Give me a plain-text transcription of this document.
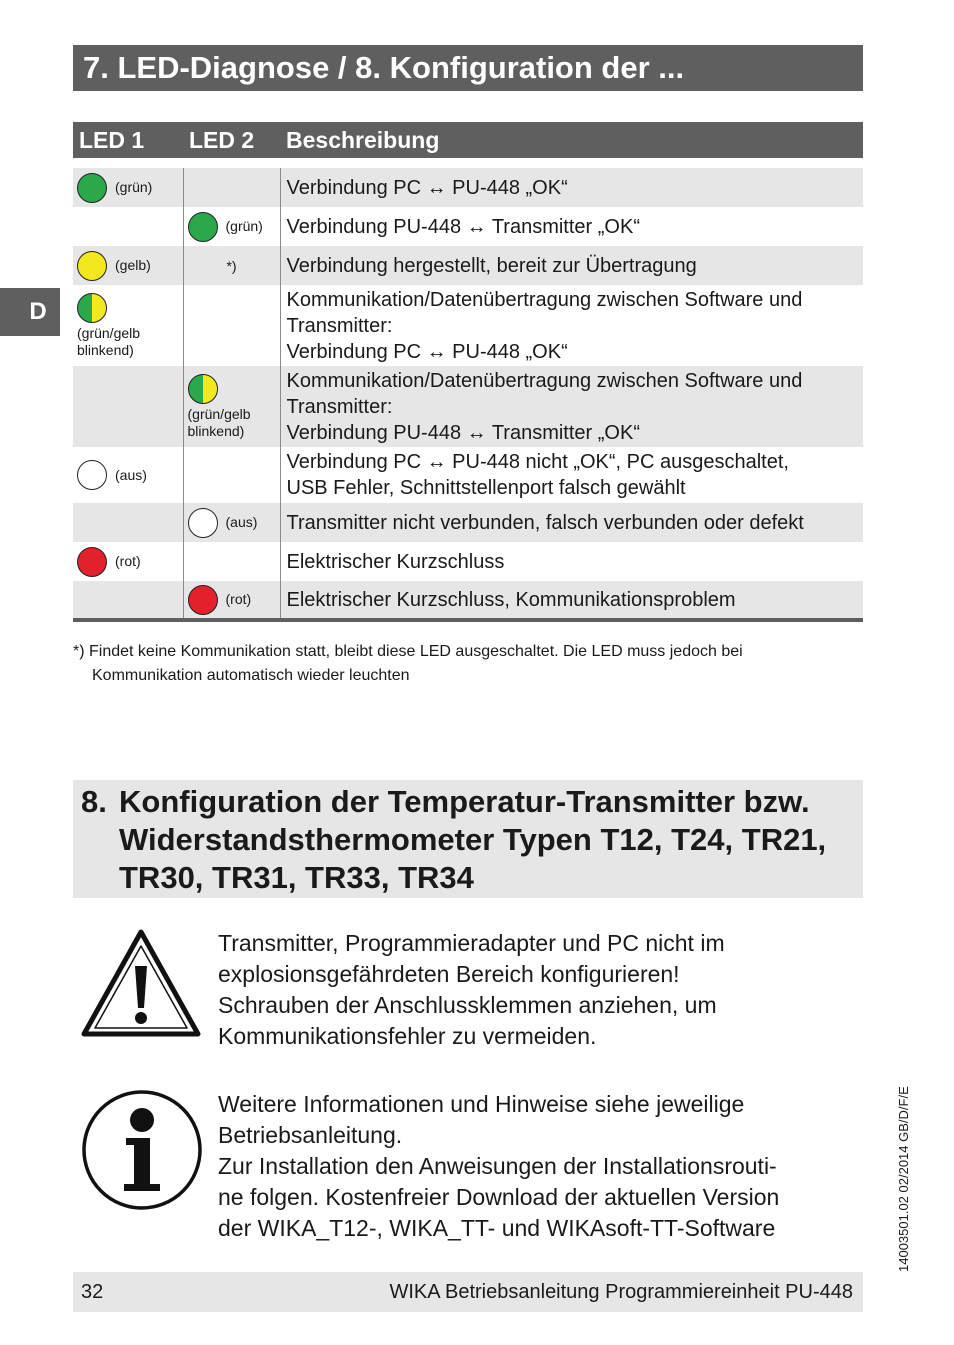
7. LED-Diagnose / 8. Konfiguration der ...
D
LED 1	LED 2	Beschreibung

(grün)		Verbindung PC ↔ PU-448 „OK“

	(grün)	Verbindung PU-448 ↔ Transmitter „OK“

(gelb)	*)	Verbindung hergestellt, bereit zur Übertragung

(grün/gelb blinkend)		Kommunikation/Datenübertragung zwischen Software und
Transmitter:
Verbindung PC ↔ PU-448 „OK“

	(grün/gelb blinkend)	Kommunikation/Datenübertragung zwischen Software und
Transmitter:
Verbindung PU-448 ↔ Transmitter „OK“

(aus)		Verbindung PC ↔ PU-448 nicht „OK“, PC ausgeschaltet,
USB Fehler, Schnittstellenport falsch gewählt

	(aus)	Transmitter nicht verbunden, falsch verbunden oder defekt

(rot)		Elektrischer Kurzschluss

	(rot)	Elektrischer Kurzschluss, Kommunikationsproblem
*) Findet keine Kommunikation statt, bleibt diese LED ausgeschaltet. Die LED muss jedoch bei
Kommunikation automatisch wieder leuchten
8. Konfiguration der Temperatur-Transmitter bzw.
Widerstandsthermometer Typen T12, T24, TR21,
TR30, TR31, TR33, TR34
Transmitter, Programmieradapter und PC nicht im
explosionsgefährdeten Bereich konfigurieren!
Schrauben der Anschlussklemmen anziehen, um
Kommunikationsfehler zu vermeiden.
Weitere Informationen und Hinweise siehe jeweilige
Betriebsanleitung.
Zur Installation den Anweisungen der Installationsrouti-
ne folgen. Kostenfreier Download der aktuellen Version
der WIKA_T12-, WIKA_TT- und WIKAsoft-TT-Software
32	WIKA Betriebsanleitung Programmiereinheit PU-448
14003501.02 02/2014 GB/D/F/E
